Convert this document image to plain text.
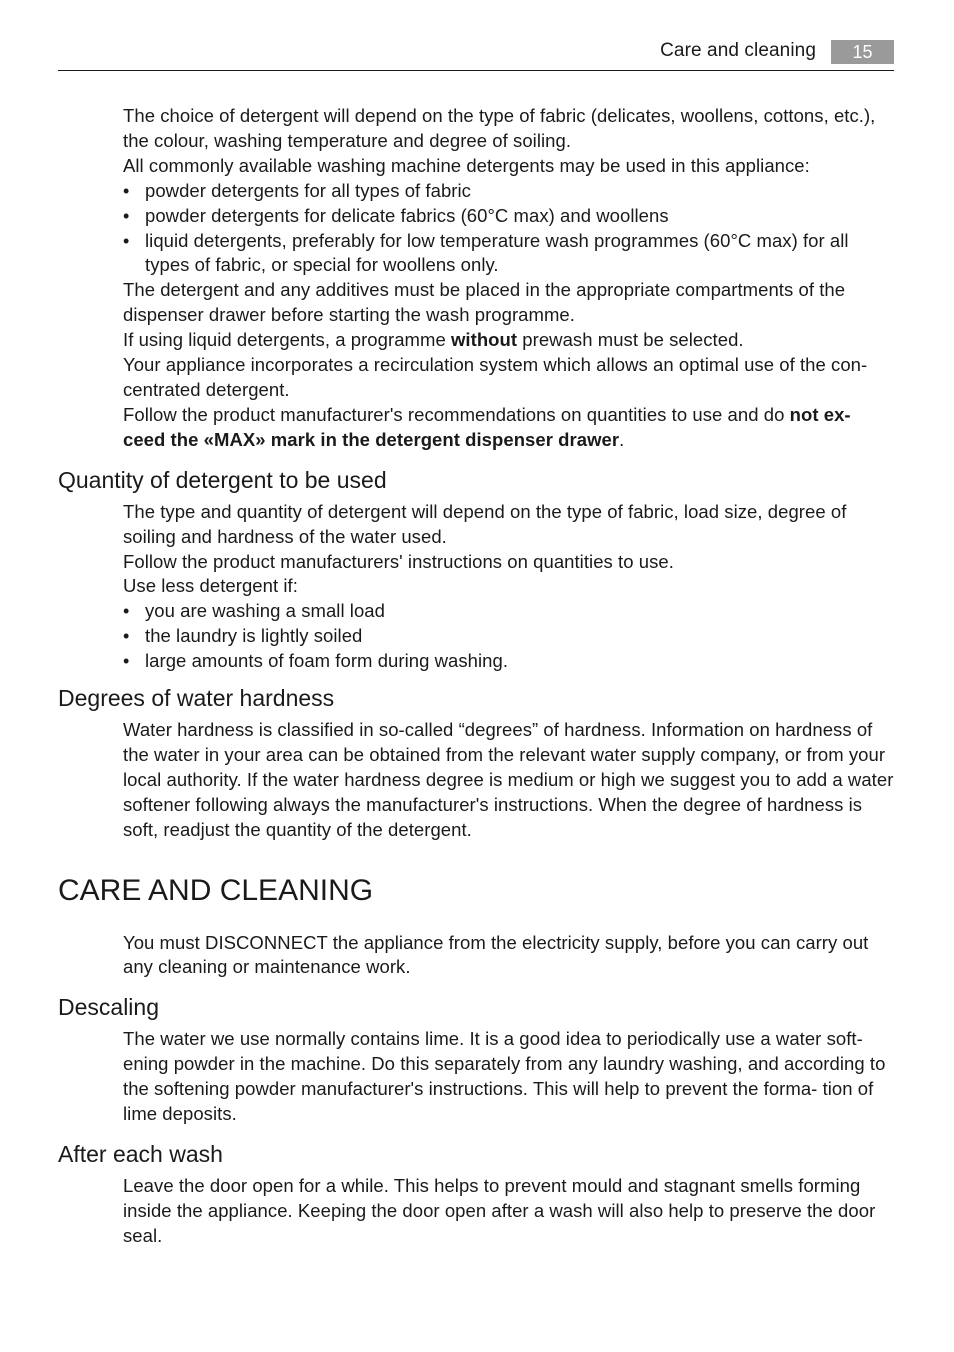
Care and cleaning	15

The choice of detergent will depend on the type of fabric (delicates, woollens, cottons, etc.), the colour, washing temperature and degree of soiling.

All commonly available washing machine detergents may be used in this appliance:

• powder detergents for all types of fabric
• powder detergents for delicate fabrics (60°C max) and woollens
• liquid detergents, preferably for low temperature wash programmes (60°C max) for all types of fabric, or special for woollens only.

The detergent and any additives must be placed in the appropriate compartments of the dispenser drawer before starting the wash programme.

If using liquid detergents, a programme without prewash must be selected.

Your appliance incorporates a recirculation system which allows an optimal use of the con- centrated detergent.

Follow the product manufacturer's recommendations on quantities to use and do not ex- ceed the «MAX» mark in the detergent dispenser drawer.

Quantity of detergent to be used

The type and quantity of detergent will depend on the type of fabric, load size, degree of soiling and hardness of the water used.

Follow the product manufacturers' instructions on quantities to use.

Use less detergent if:

• you are washing a small load
• the laundry is lightly soiled
• large amounts of foam form during washing.
Degrees of water hardness

Water hardness is classified in so-called “degrees” of hardness. Information on hardness of the water in your area can be obtained from the relevant water supply company, or from your local authority. If the water hardness degree is medium or high we suggest you to add a water softener following always the manufacturer's instructions. When the degree of hardness is soft, readjust the quantity of the detergent.

CARE AND CLEANING

You must DISCONNECT the appliance from the electricity supply, before you can carry out any cleaning or maintenance work.

Descaling

The water we use normally contains lime. It is a good idea to periodically use a water soft- ening powder in the machine. Do this separately from any laundry washing, and according to the softening powder manufacturer's instructions. This will help to prevent the forma- tion of lime deposits.

After each wash

Leave the door open for a while. This helps to prevent mould and stagnant smells forming inside the appliance. Keeping the door open after a wash will also help to preserve the door seal.
